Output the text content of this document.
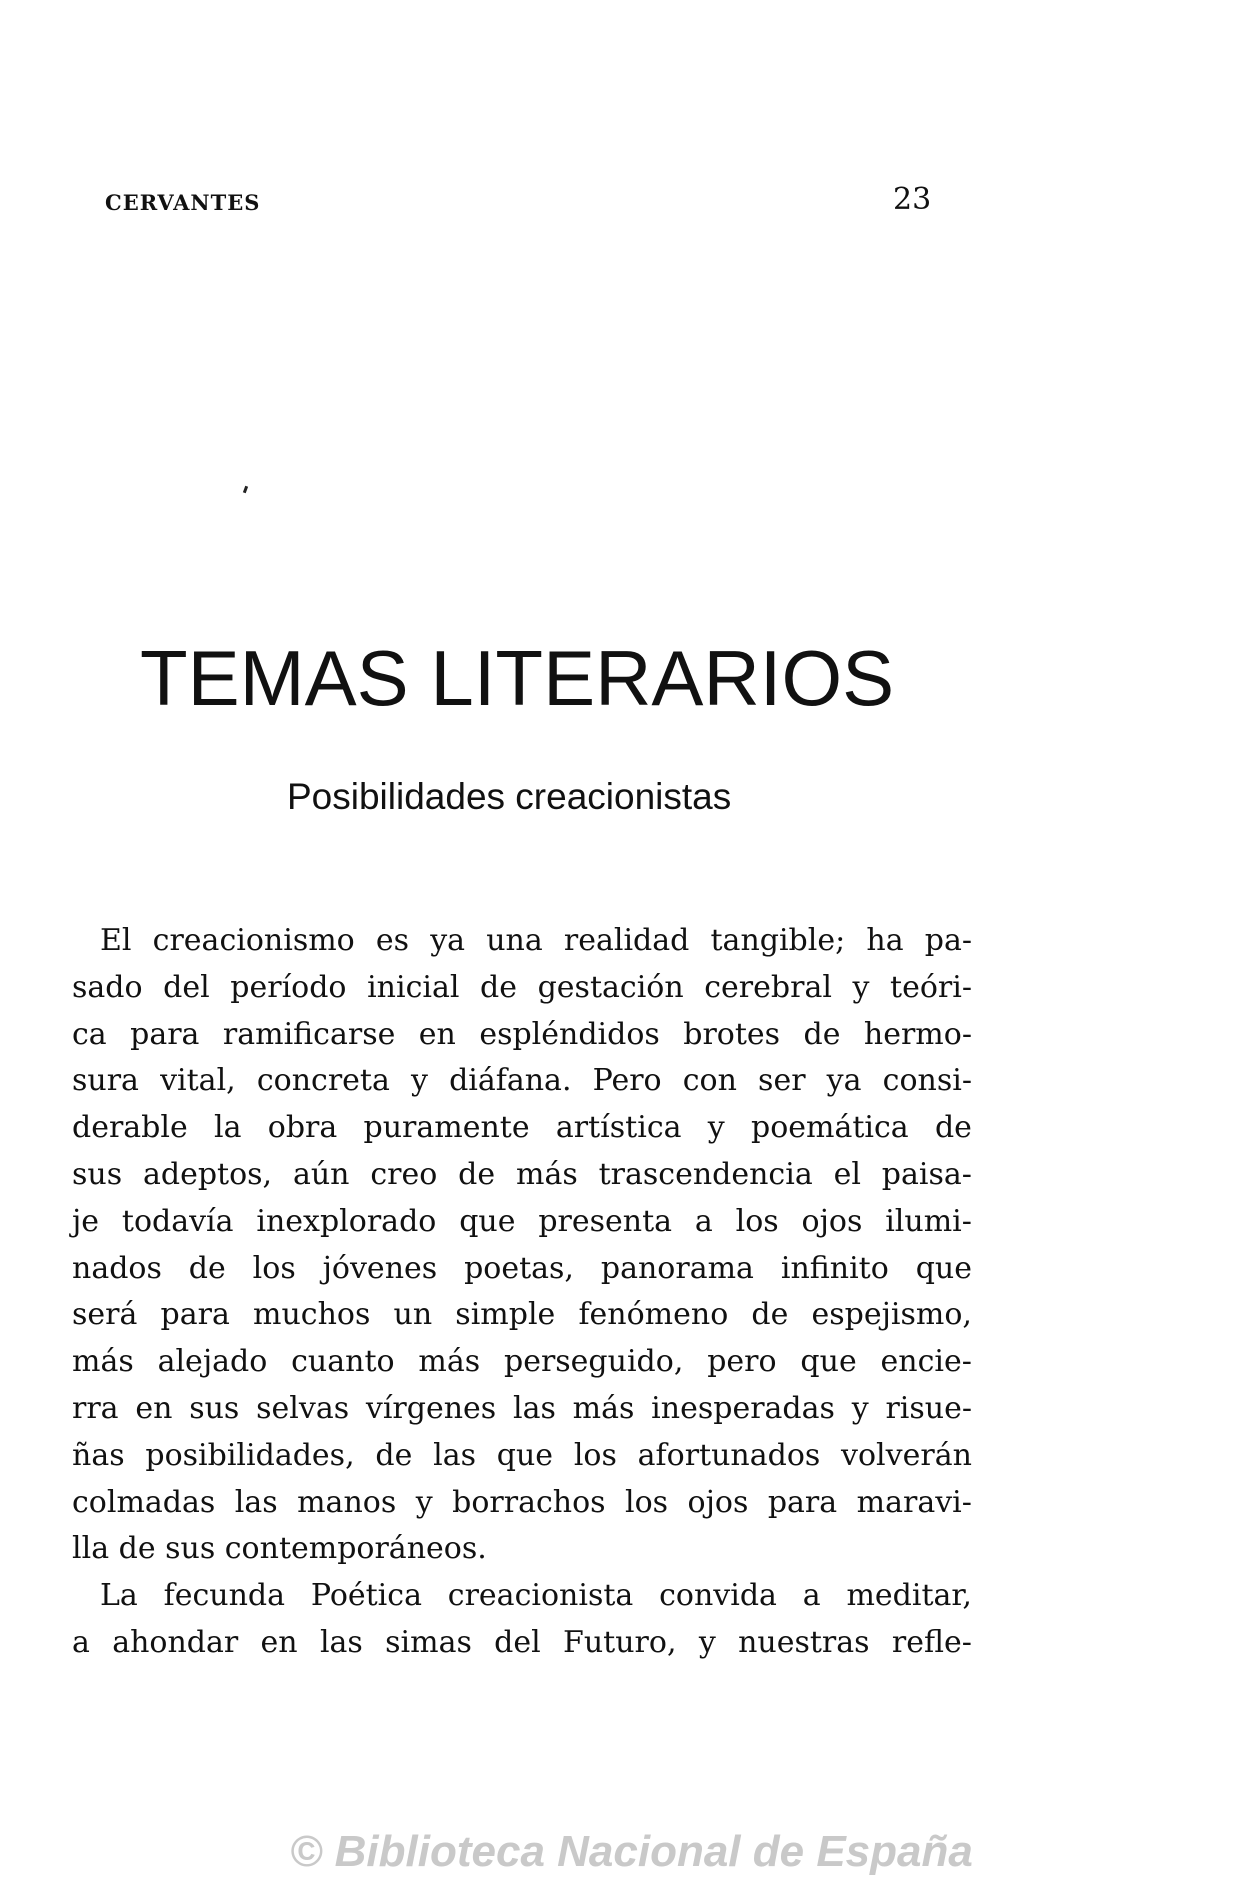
CERVANTES	23
TEMAS LITERARIOS
Posibilidades creacionistas
El creacionismo es ya una realidad tangible; ha pa-
sado del período inicial de gestación cerebral y teóri-
ca para ramificarse en espléndidos brotes de hermo-
sura vital, concreta y diáfana. Pero con ser ya consi-
derable la obra puramente artística y poemática de
sus adeptos, aún creo de más trascendencia el paisa-
je todavía inexplorado que presenta a los ojos ilumi-
nados de los jóvenes poetas, panorama infinito que
será para muchos un simple fenómeno de espejismo,
más alejado cuanto más perseguido, pero que encie-
rra en sus selvas vírgenes las más inesperadas y risue-
ñas posibilidades, de las que los afortunados volverán
colmadas las manos y borrachos los ojos para maravi-
lla de sus contemporáneos.
La fecunda Poética creacionista convida a meditar,
a ahondar en las simas del Futuro, y nuestras refle-
© Biblioteca Nacional de España
